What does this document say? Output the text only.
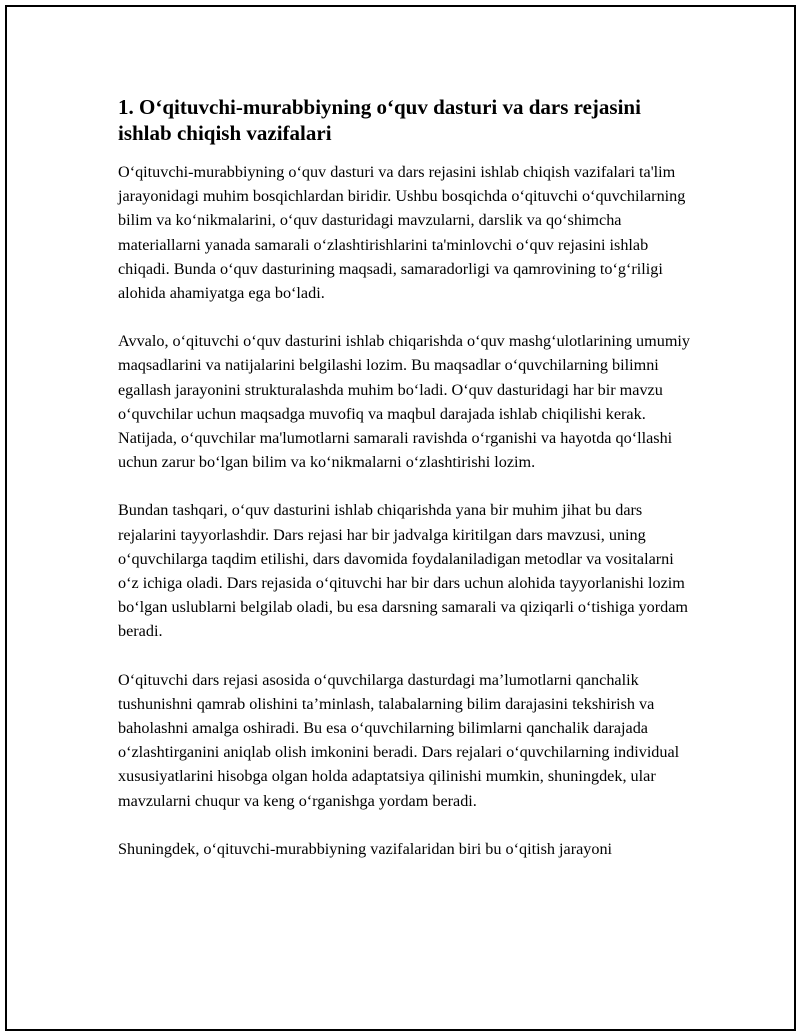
1. O‘qituvchi-murabbiyning o‘quv dasturi va dars rejasini ishlab chiqish vazifalari

O‘qituvchi-murabbiyning o‘quv dasturi va dars rejasini ishlab chiqish vazifalari ta'lim jarayonidagi muhim bosqichlardan biridir. Ushbu bosqichda o‘qituvchi o‘quvchilarning bilim va ko‘nikmalarini, o‘quv dasturidagi mavzularni, darslik va qo‘shimcha materiallarni yanada samarali o‘zlashtirishlarini ta'minlovchi o‘quv rejasini ishlab chiqadi. Bunda o‘quv dasturining maqsadi, samaradorligi va qamrovining to‘g‘riligi alohida ahamiyatga ega bo‘ladi.

Avvalo, o‘qituvchi o‘quv dasturini ishlab chiqarishda o‘quv mashg‘ulotlarining umumiy maqsadlarini va natijalarini belgilashi lozim. Bu maqsadlar o‘quvchilarning bilimni egallash jarayonini strukturalashda muhim bo‘ladi. O‘quv dasturidagi har bir mavzu o‘quvchilar uchun maqsadga muvofiq va maqbul darajada ishlab chiqilishi kerak. Natijada, o‘quvchilar ma'lumotlarni samarali ravishda o‘rganishi va hayotda qo‘llashi uchun zarur bo‘lgan bilim va ko‘nikmalarni o‘zlashtirishi lozim.

Bundan tashqari, o‘quv dasturini ishlab chiqarishda yana bir muhim jihat bu dars rejalarini tayyorlashdir. Dars rejasi har bir jadvalga kiritilgan dars mavzusi, uning o‘quvchilarga taqdim etilishi, dars davomida foydalaniladigan metodlar va vositalarni o‘z ichiga oladi. Dars rejasida o‘qituvchi har bir dars uchun alohida tayyorlanishi lozim bo‘lgan uslublarni belgilab oladi, bu esa darsning samarali va qiziqarli o‘tishiga yordam beradi.

O‘qituvchi dars rejasi asosida o‘quvchilarga dasturdagi ma’lumotlarni qanchalik tushunishni qamrab olishini ta’minlash, talabalarning bilim darajasini tekshirish va baholashni amalga oshiradi. Bu esa o‘quvchilarning bilimlarni qanchalik darajada o‘zlashtirganini aniqlab olish imkonini beradi. Dars rejalari o‘quvchilarning individual xususiyatlarini hisobga olgan holda adaptatsiya qilinishi mumkin, shuningdek, ular mavzularni chuqur va keng o‘rganishga yordam beradi.

Shuningdek, o‘qituvchi-murabbiyning vazifalaridan biri bu o‘qitish jarayoni
